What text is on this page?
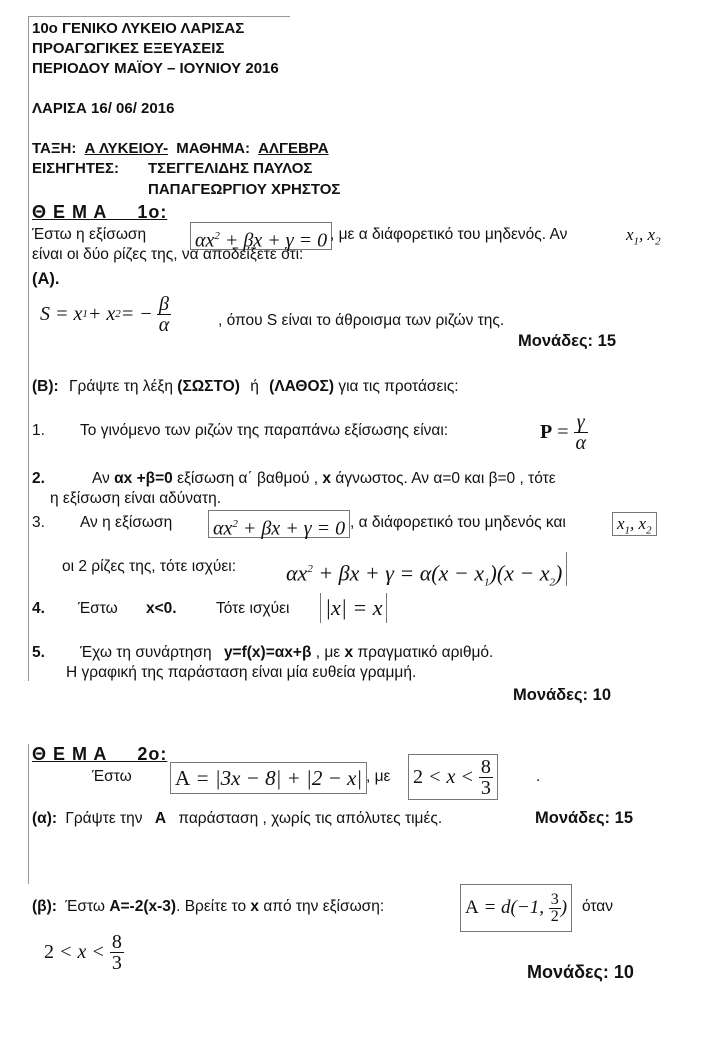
10ο ΓΕΝΙΚΟ ΛΥΚΕΙΟ ΛΑΡΙΣΑΣ
ΠΡΟΑΓΩΓΙΚΕΣ ΕΞΕΥΑΣΕΙΣ
ΠΕΡΙΟΔΟΥ ΜΑΪΟΥ – ΙΟΥΝΙΟΥ 2016
ΛΑΡΙΣΑ 16/ 06/ 2016
ΤΑΞΗ: Α ΛΥΚΕΙΟΥ- ΜΑΘΗΜΑ: ΑΛΓΕΒΡΑ
ΕΙΣΗΓΗΤΕΣ: ΤΣΕΓΓΕΛΙΔΗΣ ΠΑΥΛΟΣ
ΠΑΠΑΓΕΩΡΓΙΟΥ ΧΡΗΣΤΟΣ
Θ Ε Μ Α     1ο:
Έστω η εξίσωση $\alpha x^2 + \beta x + \gamma = 0$ , με α διάφορετικό του μηδενός. Αν	$x_1$, $x_2$
είναι οι δύο ρίζες της, να αποδείξετε ότι:
(Α).
S = x 1 + x 2 = − $\frac{\beta}{\alpha}$	, όπου S είναι το άθροισμα των ριζών της.
Μονάδες: 15
(Β): Γράψτε τη λέξη (ΣΩΣΤΟ) ή (ΛΑΘΟΣ) για τις προτάσεις:
1. Το γινόμενο των ριζών της παραπάνω εξίσωσης είναι:	$P = \frac{\gamma}{\alpha}$
2.	Αν αx +β=0 εξίσωση α΄ βαθμού , x άγνωστος. Αν α=0 και β=0 , τότε
η εξίσωση είναι αδύνατη.
3. Αν η εξίσωση $\alpha x^2 + \beta x + \gamma = 0$ , α διάφορετικό του μηδενός και	$x_1$, $x_2$
οι 2 ρίζες της, τότε ισχύει: $\alpha x^2 + \beta x + \gamma = \alpha(x - x_1)(x - x_2)$
4. Έστω x<0.	Τότε ισχύει |x| = x
5. Έχω τη συνάρτηση y=f(x)=αx+β , με x πραγματικό αριθμό.
Η γραφική της παράσταση είναι μία ευθεία γραμμή.
Μονάδες: 10
Θ Ε Μ Α     2ο:
Έστω A = |3x − 8| + |2 − x| , με $2 < x < \frac{8}{3}$	.
(α): Γράψτε την Α παράσταση , χωρίς τις απόλυτες τιμές.	Μονάδες: 15
(β): Έστω Α=-2(x-3). Βρείτε το x από την εξίσωση:	A = d(−1, $\frac{3}{2}$ ) όταν
$2 < x < \frac{8}{3}$	Μονάδες: 10
